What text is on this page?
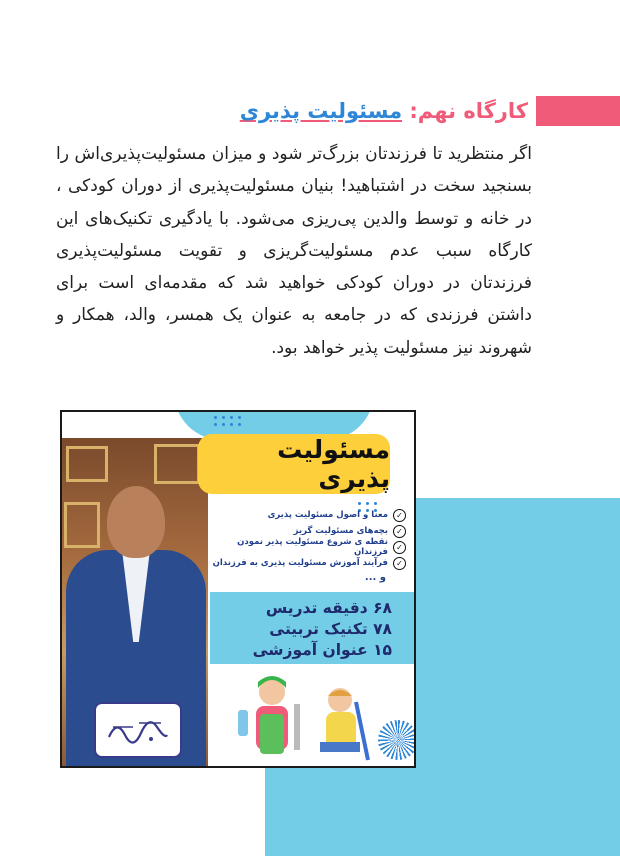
کارگاه نهم: مسئولیت پذیری

اگر منتظرید تا فرزندتان بزرگ‌تر شود و میزان مسئولیت‌پذیری‌اش را بسنجید سخت در اشتباهید! بنیان مسئولیت‌پذیری از دوران کودکی ، در خانه و توسط والدین پی‌ریزی می‌شود. با یادگیری تکنیک‌های این کارگاه سبب عدم مسئولیت‌گریزی و تقویت مسئولیت‌پذیری فرزندتان در دوران کودکی خواهید شد که مقدمه‌ای است برای داشتن فرزندی که در جامعه به عنوان یک همسر، والد، همکار و شهروند نیز مسئولیت پذیر خواهد بود.

مسئولیت پذیری
✓
معنا و اصول مسئولیت پذیری
✓
بچه‌های مسئولیت گریز
✓
نقطه ی شروع مسئولیت پذیر نمودن فرزندان
✓
فرآیند آموزش مسئولیت پذیری به فرزندان
و ...
۶۸ دقیقه تدریس
۷۸ تکنیک تربیتی
۱۵ عنوان آموزشی
